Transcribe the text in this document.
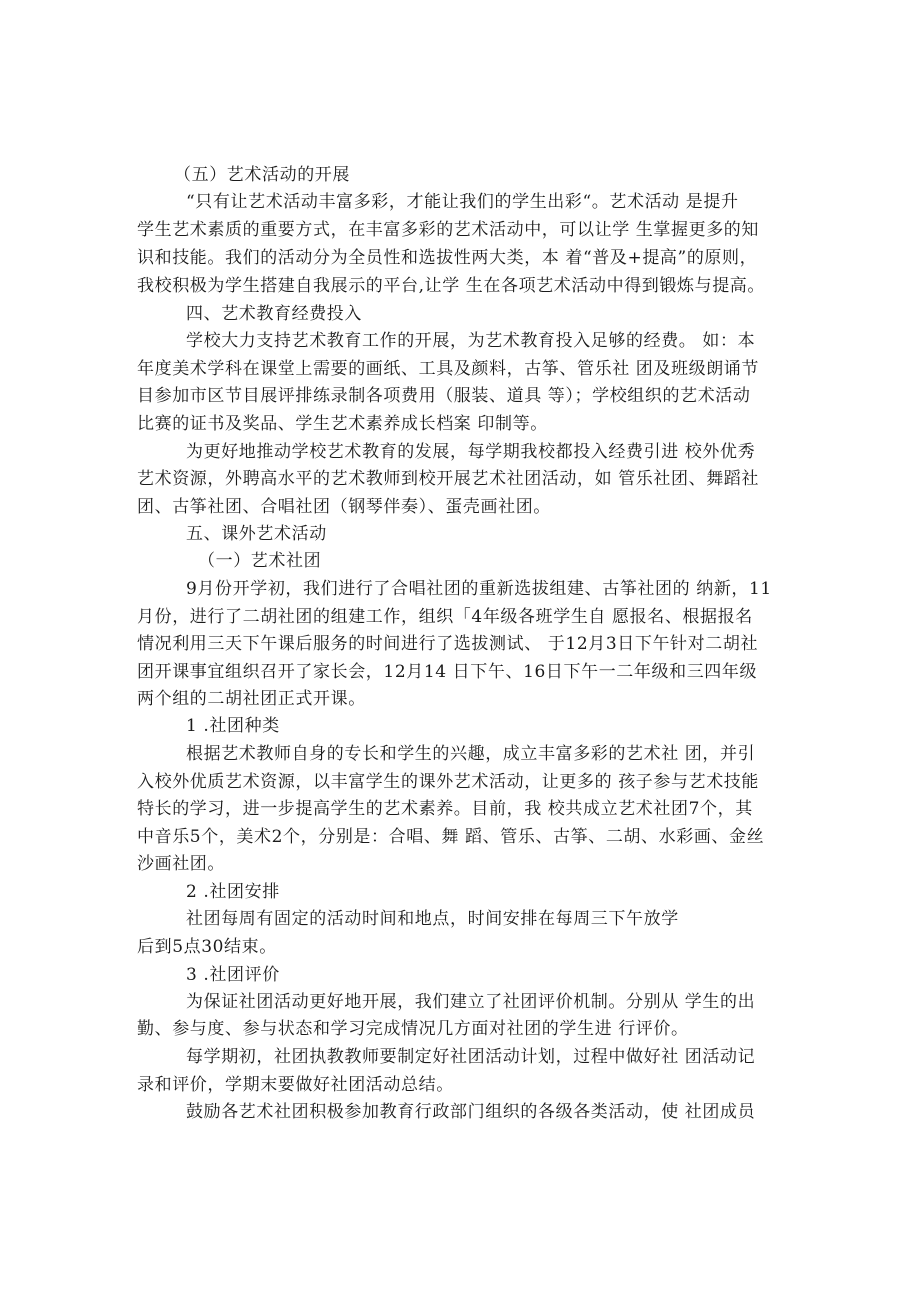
（五）艺术活动的开展
“只有让艺术活动丰富多彩，才能让我们的学生出彩“。艺术活动 是提升
学生艺术素质的重要方式，在丰富多彩的艺术活动中，可以让学 生掌握更多的知
识和技能。我们的活动分为全员性和选拔性两大类，本 着“普及+提高”的原则，
我校积极为学生搭建自我展示的平台,让学 生在各项艺术活动中得到锻炼与提高。
四、艺术教育经费投入
学校大力支持艺术教育工作的开展，为艺术教育投入足够的经费。 如：本
年度美术学科在课堂上需要的画纸、工具及颜料，古筝、管乐社 团及班级朗诵节
目参加市区节目展评排练录制各项费用（服装、道具 等）；学校组织的艺术活动
比赛的证书及奖品、学生艺术素养成长档案 印制等。
为更好地推动学校艺术教育的发展，每学期我校都投入经费引进 校外优秀
艺术资源，外聘高水平的艺术教师到校开展艺术社团活动，如 管乐社团、舞蹈社
团、古筝社团、合唱社团（钢琴伴奏）、蛋壳画社团。
五、课外艺术活动
（一）艺术社团
9月份开学初，我们进行了合唱社团的重新选拔组建、古筝社团的 纳新，11
月份，进行了二胡社团的组建工作，组织「4年级各班学生自 愿报名、根据报名
情况利用三天下午课后服务的时间进行了选拔测试、 于12月3日下午针对二胡社
团开课事宜组织召开了家长会，12月14 日下午、16日下午一二年级和三四年级
两个组的二胡社团正式开课。
1 .社团种类
根据艺术教师自身的专长和学生的兴趣，成立丰富多彩的艺术社 团，并引
入校外优质艺术资源，以丰富学生的课外艺术活动，让更多的 孩子参与艺术技能
特长的学习，进一步提高学生的艺术素养。目前，我 校共成立艺术社团7个，其
中音乐5个，美术2个，分别是：合唱、舞 蹈、管乐、古筝、二胡、水彩画、金丝
沙画社团。
2 .社团安排
社团每周有固定的活动时间和地点，时间安排在每周三下午放学
后到5点30结束。
3 .社团评价
为保证社团活动更好地开展，我们建立了社团评价机制。分别从 学生的出
勤、参与度、参与状态和学习完成情况几方面对社团的学生进 行评价。
每学期初，社团执教教师要制定好社团活动计划，过程中做好社 团活动记
录和评价，学期末要做好社团活动总结。
鼓励各艺术社团积极参加教育行政部门组织的各级各类活动，使 社团成员
